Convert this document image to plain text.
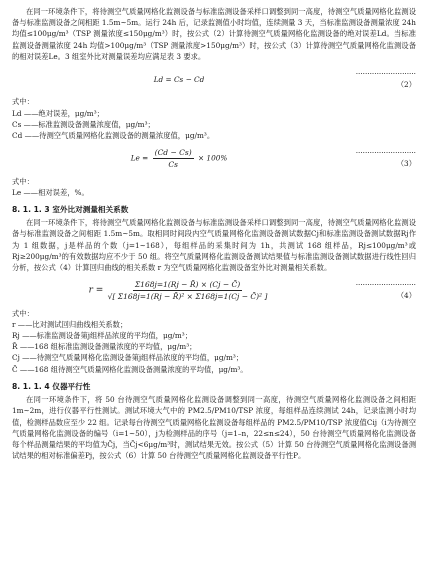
在同一环境条件下，将待测空气质量网格化监测设备与标准监测设备采样口调整到同一高度，待测空气质量网格化监测设备与标准监测设备之间相距 1.5m~5m。运行 24h 后，记录监测值小时均值，连续测量 3 天，当标准监测设备测量浓度 24h 均值≤100μg/m³（TSP 测量浓度≤150μg/m³）时，按公式（2）计算待测空气质量网格化监测设备的绝对误差Ld。当标准监测设备测量浓度 24h 均值>100μg/m³（TSP 测量浓度>150μg/m³）时，按公式（3）计算待测空气质量网格化监测设备的相对误差Le。3 组室外比对测量误差均应满足表 3 要求。

Ld = Cs − Cd
··························（2）

式中：

Ld ——绝对误差，μg/m³；

Cs ——标准监测设备测量浓度值，μg/m³；

Cd ——待测空气质量网格化监测设备的测量浓度值，μg/m³。

$Le = \frac{(Cd - Cs)}{Cs} \times 100\%$
··························（3）

式中：

Le ——相对误差，%。

8. 1. 1. 3 室外比对测量相关系数

在同一环境条件下，将待测空气质量网格化监测设备与标准监测设备采样口调整到同一高度，待测空气质量网格化监测设备与标准监测设备之间相距 1.5m~5m。取相同时间段内空气质量网格化监测设备测试数据Cj和标准监测设备测试数据Rj作为 1 组数据，j是样品的个数（j=1~168），每组样品的采集时间为 1h，共测试 168 组样品，Rj≤100μg/m³或Rj≥200μg/m³的有效数据均应不少于 50 组。将空气质量网格化监测设备测试结果值与标准监测设备测试数据进行线性回归分析，按公式（4）计算回归曲线的相关系数 r 为空气质量网格化监测设备室外比对测量相关系数。

$r = \frac{\Sigma 168j=1(Rj - R̄) \times (Cj - C̄)}{\text{√[ Σ168j=1(Rj − R̄)² × Σ168j=1(Cj − C̄)² ]}}$	··························（4）

式中：

r ——比对测试回归曲线相关系数；

Rj ——标准监测设备第j组样品浓度的平均值，μg/m³；

R̄ ——168 组标准监测设备测量浓度的平均值，μg/m³；

Cj ——待测空气质量网格化监测设备第j组样品浓度的平均值，μg/m³；

C̄ ——168 组待测空气质量网格化监测设备测量浓度的平均值，μg/m³。

8. 1. 1. 4 仪器平行性

在同一环境条件下，将 50 台待测空气质量网格化监测设备调整到同一高度，待测空气质量网格化监测设备之间相距 1m~2m，进行仪器平行性测试。测试环境大气中的 PM2.5/PM10/TSP 浓度，每组样品连续测试 24h，记录监测小时均值，检测样品数应至少 22 组。记录每台待测空气质量网格化监测设备每组样品的 PM2.5/PM10/TSP 浓度值Cij（i为待测空气质量网格化监测设备的编号（i=1~50），j为检测样品的序号（j=1–n，22≤n≤24），50 台待测空气质量网格化监测设备每个样品测量结果的平均值为C̄j，当C̄j<6μg/m³时，测试结果无效。按公式（5）计算 50 台待测空气质量网格化监测设备测试结果的相对标准偏差Pj，按公式（6）计算 50 台待测空气质量网格化监测设备平行性P。
